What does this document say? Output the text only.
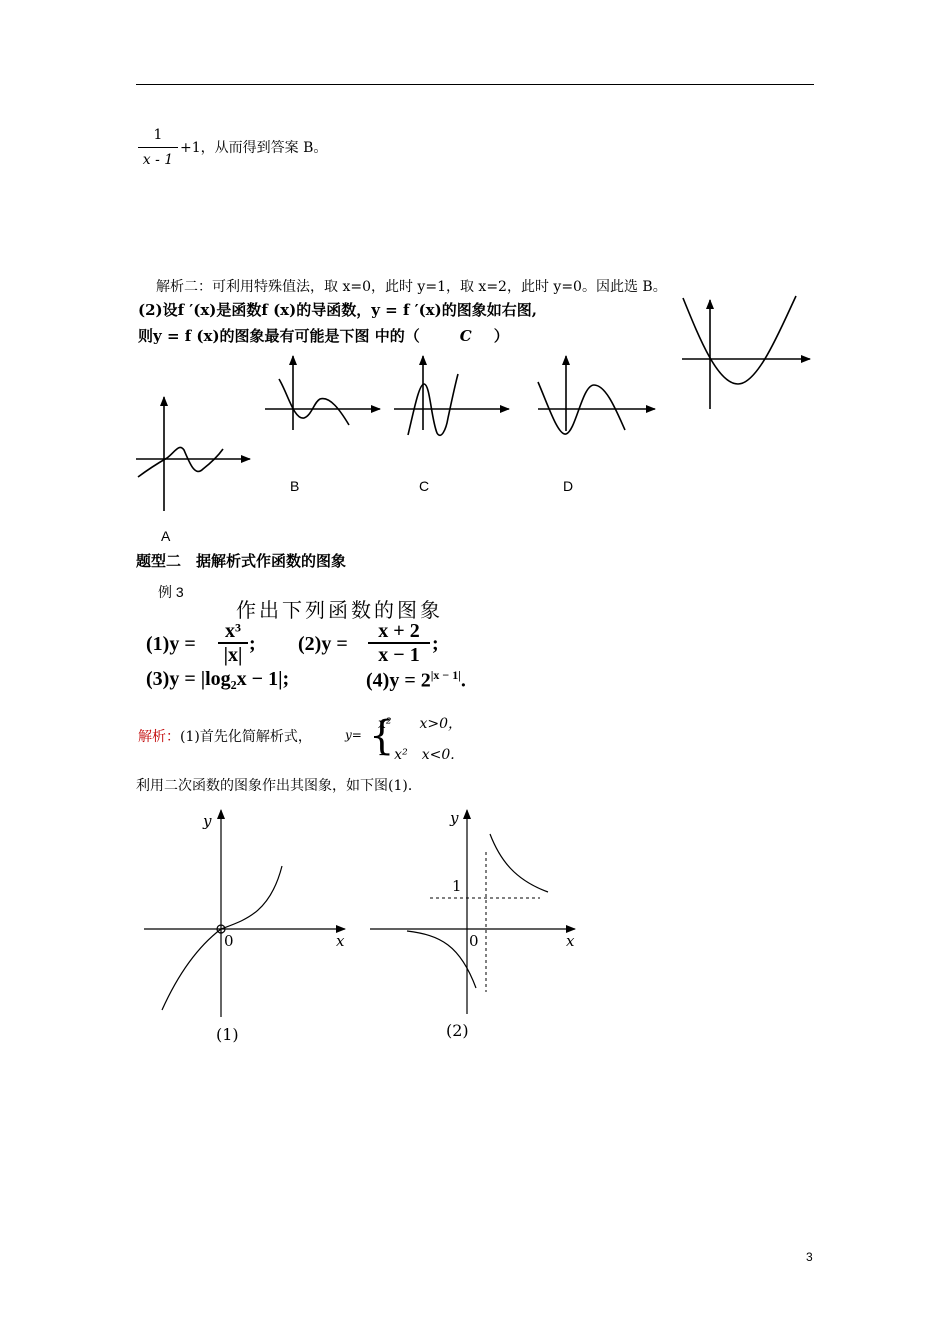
1
x - 1
+1，从而得到答案 B。
解析二：可利用特殊值法，取 x=0，此时 y=1，取 x=2，此时 y=0。因此选 B。
(2)设f ′(x)是函数f (x)的导函数，y = f ′(x)的图象如右图,
则y = f (x)的图象最有可能是下图 中的（	C ）
A
B	C	D
题型二　据解析式作函数的图象
例 3
作出下列函数的图象
(1)y =
x³
|x| ; (2)y =
x + 2
x − 1 ;
(3)y = |log₂x − 1|;	$(4)y = 2^{|x - 1|}$.
解析：(1)首先化简解析式，	y= {
x²　　x>0，
− x²　x<0.
利用二次函数的图象作出其图象，如下图(1)．
y
x
0
(1)
y
x
0
1
(2)
3
